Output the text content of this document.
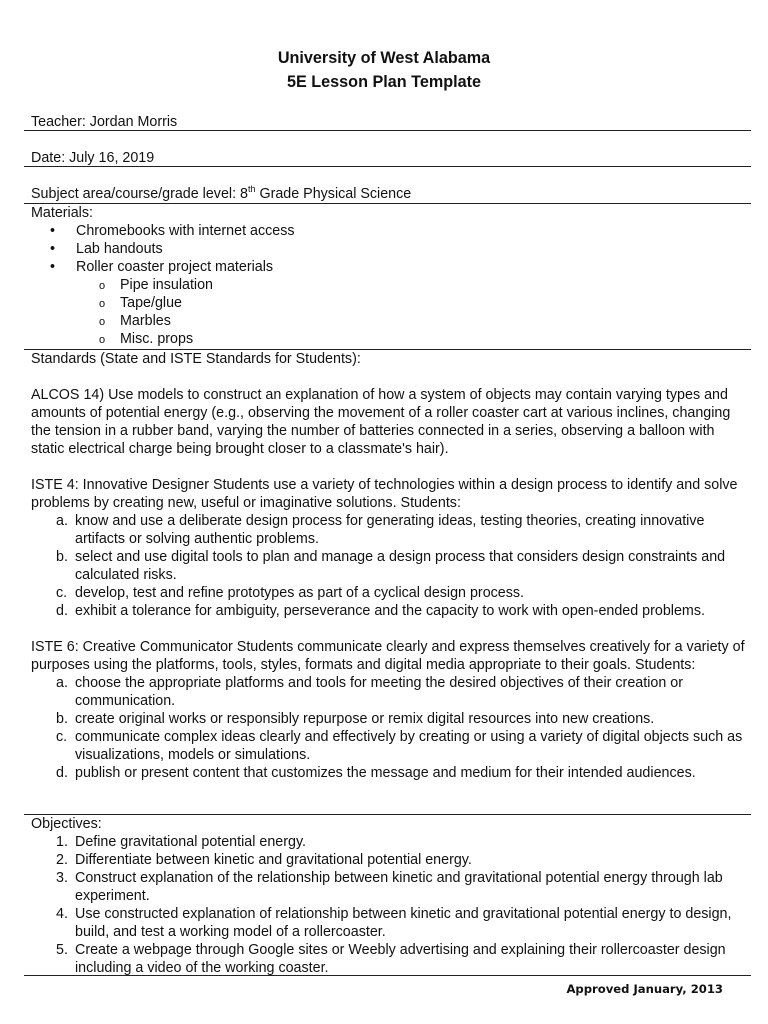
University of West Alabama
5E Lesson Plan Template
Teacher: Jordan Morris
Date: July 16, 2019
Subject area/course/grade level: 8th Grade Physical Science

Materials:

• Chromebooks with internet access
• Lab handouts
• Roller coaster project materials
o Pipe insulation
o Tape/glue
o Marbles
o Misc. props

Standards (State and ISTE Standards for Students):

ALCOS 14) Use models to construct an explanation of how a system of objects may contain varying types and amounts of potential energy (e.g., observing the movement of a roller coaster cart at various inclines, changing the tension in a rubber band, varying the number of batteries connected in a series, observing a balloon with static electrical charge being brought closer to a classmate's hair).

ISTE 4: Innovative Designer Students use a variety of technologies within a design process to identify and solve problems by creating new, useful or imaginative solutions. Students:

a. know and use a deliberate design process for generating ideas, testing theories, creating innovative artifacts or solving authentic problems.
b. select and use digital tools to plan and manage a design process that considers design constraints and calculated risks.
c. develop, test and refine prototypes as part of a cyclical design process.
d. exhibit a tolerance for ambiguity, perseverance and the capacity to work with open-ended problems.

ISTE 6: Creative Communicator Students communicate clearly and express themselves creatively for a variety of purposes using the platforms, tools, styles, formats and digital media appropriate to their goals. Students:

a. choose the appropriate platforms and tools for meeting the desired objectives of their creation or communication.
b. create original works or responsibly repurpose or remix digital resources into new creations.
c. communicate complex ideas clearly and effectively by creating or using a variety of digital objects such as visualizations, models or simulations.
d. publish or present content that customizes the message and medium for their intended audiences.

Objectives:

1. Define gravitational potential energy.
2. Differentiate between kinetic and gravitational potential energy.
3. Construct explanation of the relationship between kinetic and gravitational potential energy through lab experiment.
4. Use constructed explanation of relationship between kinetic and gravitational potential energy to design, build, and test a working model of a rollercoaster.
5. Create a webpage through Google sites or Weebly advertising and explaining their rollercoaster design including a video of the working coaster.
Approved January, 2013
